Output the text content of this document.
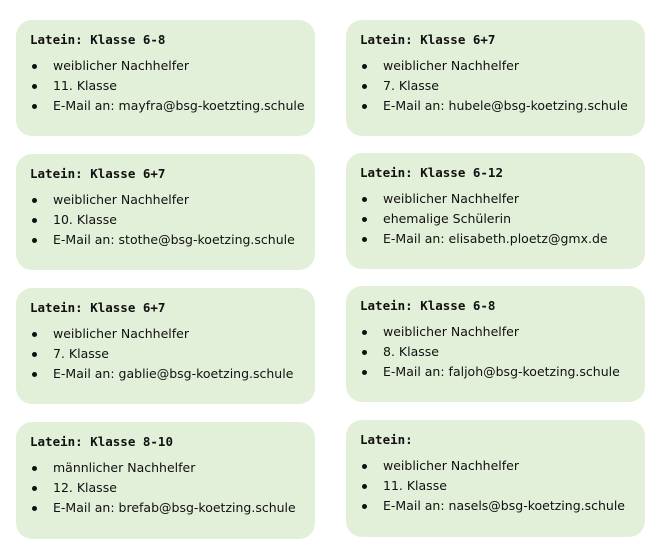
Latein: Klasse 6-8
weiblicher Nachhelfer
11. Klasse
E-Mail an: mayfra@bsg-koetzting.schule
Latein: Klasse 6+7
weiblicher Nachhelfer
10. Klasse
E-Mail an: stothe@bsg-koetzing.schule
Latein: Klasse 6+7
weiblicher Nachhelfer
7. Klasse
E-Mail an: gablie@bsg-koetzing.schule
Latein: Klasse 8-10
männlicher Nachhelfer
12. Klasse
E-Mail an: brefab@bsg-koetzing.schule
Latein: Klasse 6+7
weiblicher Nachhelfer
7. Klasse
E-Mail an: hubele@bsg-koetzing.schule
Latein: Klasse 6-12
weiblicher Nachhelfer
ehemalige Schülerin
E-Mail an: elisabeth.ploetz@gmx.de
Latein: Klasse 6-8
weiblicher Nachhelfer
8. Klasse
E-Mail an: faljoh@bsg-koetzing.schule
Latein:
weiblicher Nachhelfer
11. Klasse
E-Mail an: nasels@bsg-koetzing.schule
